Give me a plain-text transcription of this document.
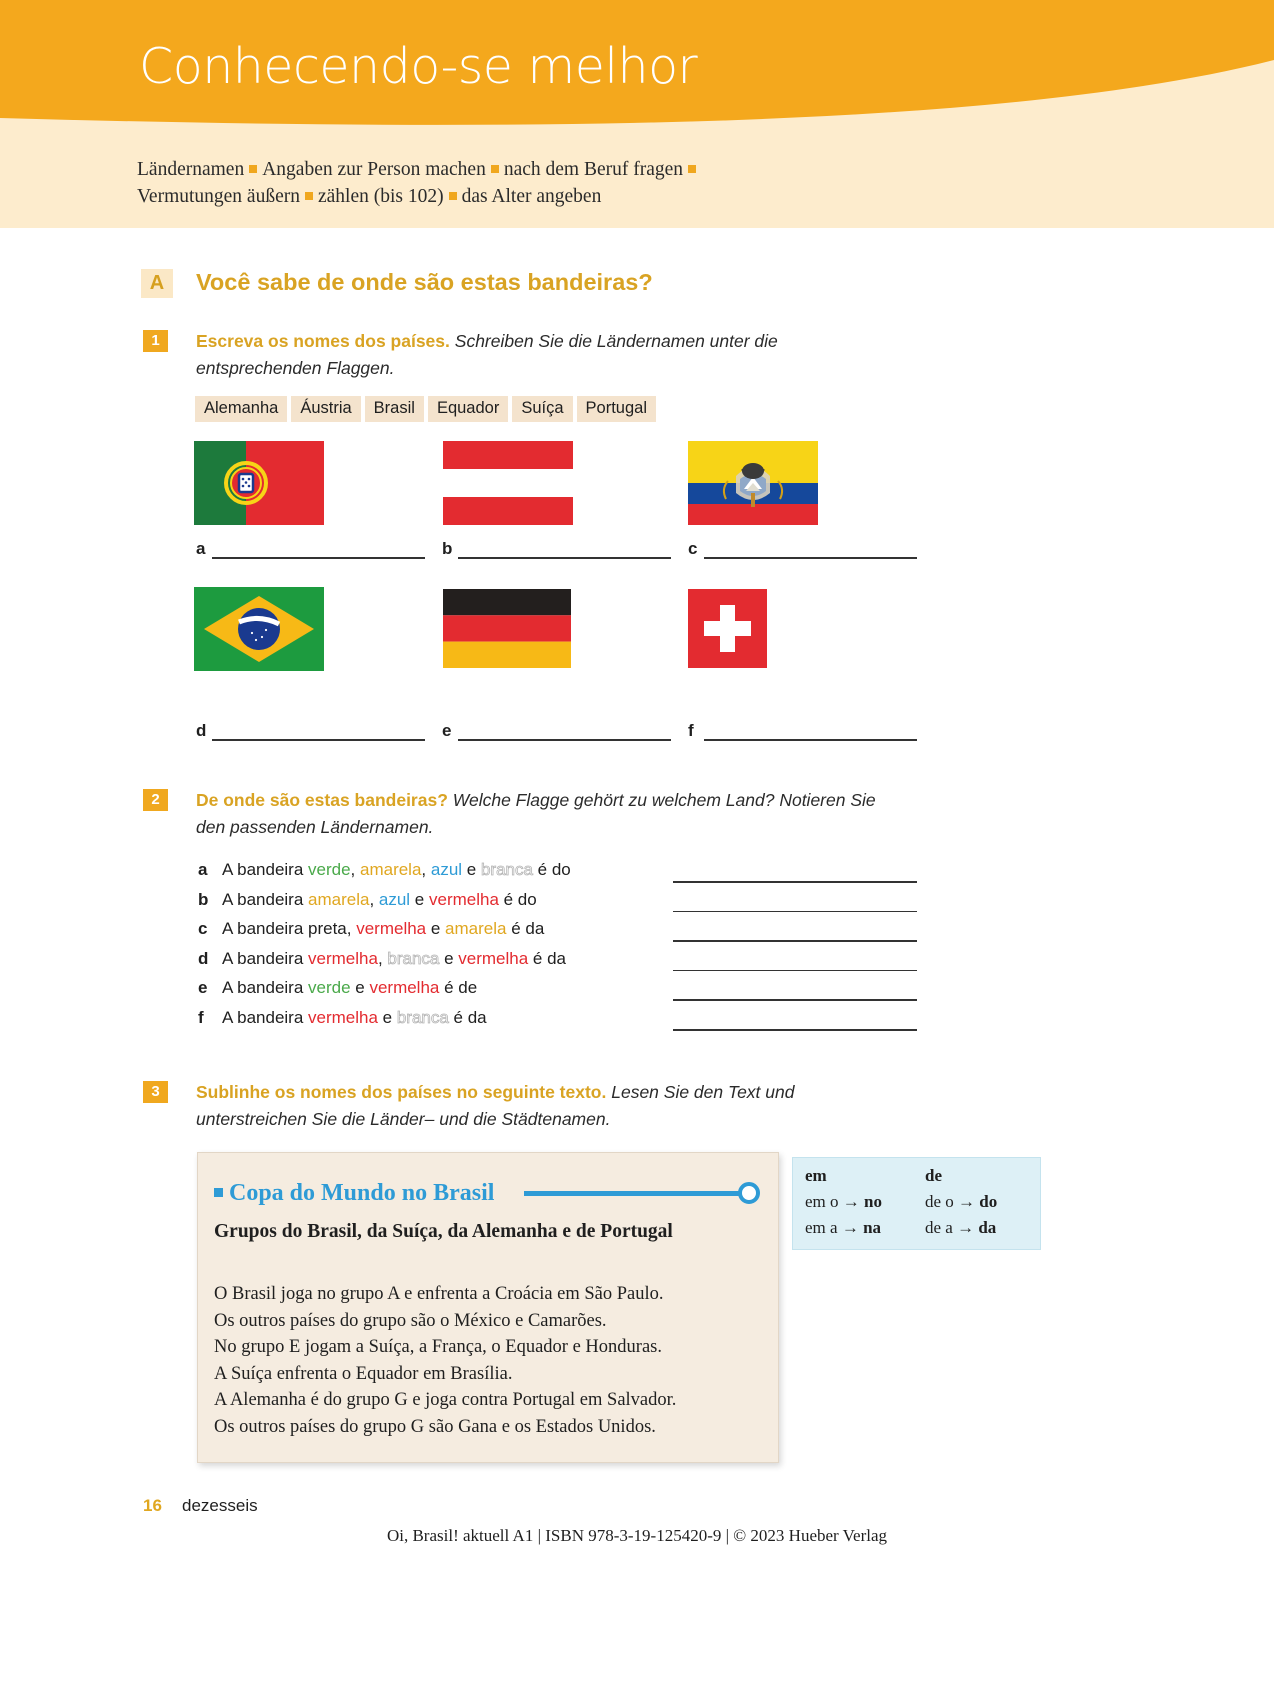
Conhecendo-se melhor
Ländernamen Angaben zur Person machen nach dem Beruf fragen
Vermutungen äußern zählen (bis 102) das Alter angeben
A	Você sabe de onde são estas bandeiras?
1	Escreva os nomes dos países. Schreiben Sie die Ländernamen unter die entsprechenden Flaggen.
Alemanha	Áustria	Brasil	Equador	Suíça	Portugal
a	b	c
d	e	f
2	De onde são estas bandeiras? Welche Flagge gehört zu welchem Land? Notieren Sie den passenden Ländernamen.
a A bandeira verde, amarela, azul e branca é do
b A bandeira amarela, azul e vermelha é do
c A bandeira preta, vermelha e amarela é da
d A bandeira vermelha, branca e vermelha é da
e A bandeira verde e vermelha é de
f A bandeira vermelha e branca é da
3	Sublinhe os nomes dos países no seguinte texto. Lesen Sie den Text und unterstreichen Sie die Länder– und die Städtenamen.
Copa do Mundo no Brasil
Grupos do Brasil, da Suíça, da Alemanha e de Portugal
O Brasil joga no grupo A e enfrenta a Croácia em São Paulo.
Os outros países do grupo são o México e Camarões.
No grupo E jogam a Suíça, a França, o Equador e Honduras.
A Suíça enfrenta o Equador em Brasília.
A Alemanha é do grupo G e joga contra Portugal em Salvador.
Os outros países do grupo G são Gana e os Estados Unidos.
em	de
em o → no	de o → do
em a → na	de a → da
16 dezesseis
Oi, Brasil! aktuell A1 | ISBN 978-3-19-125420-9 | © 2023 Hueber Verlag
